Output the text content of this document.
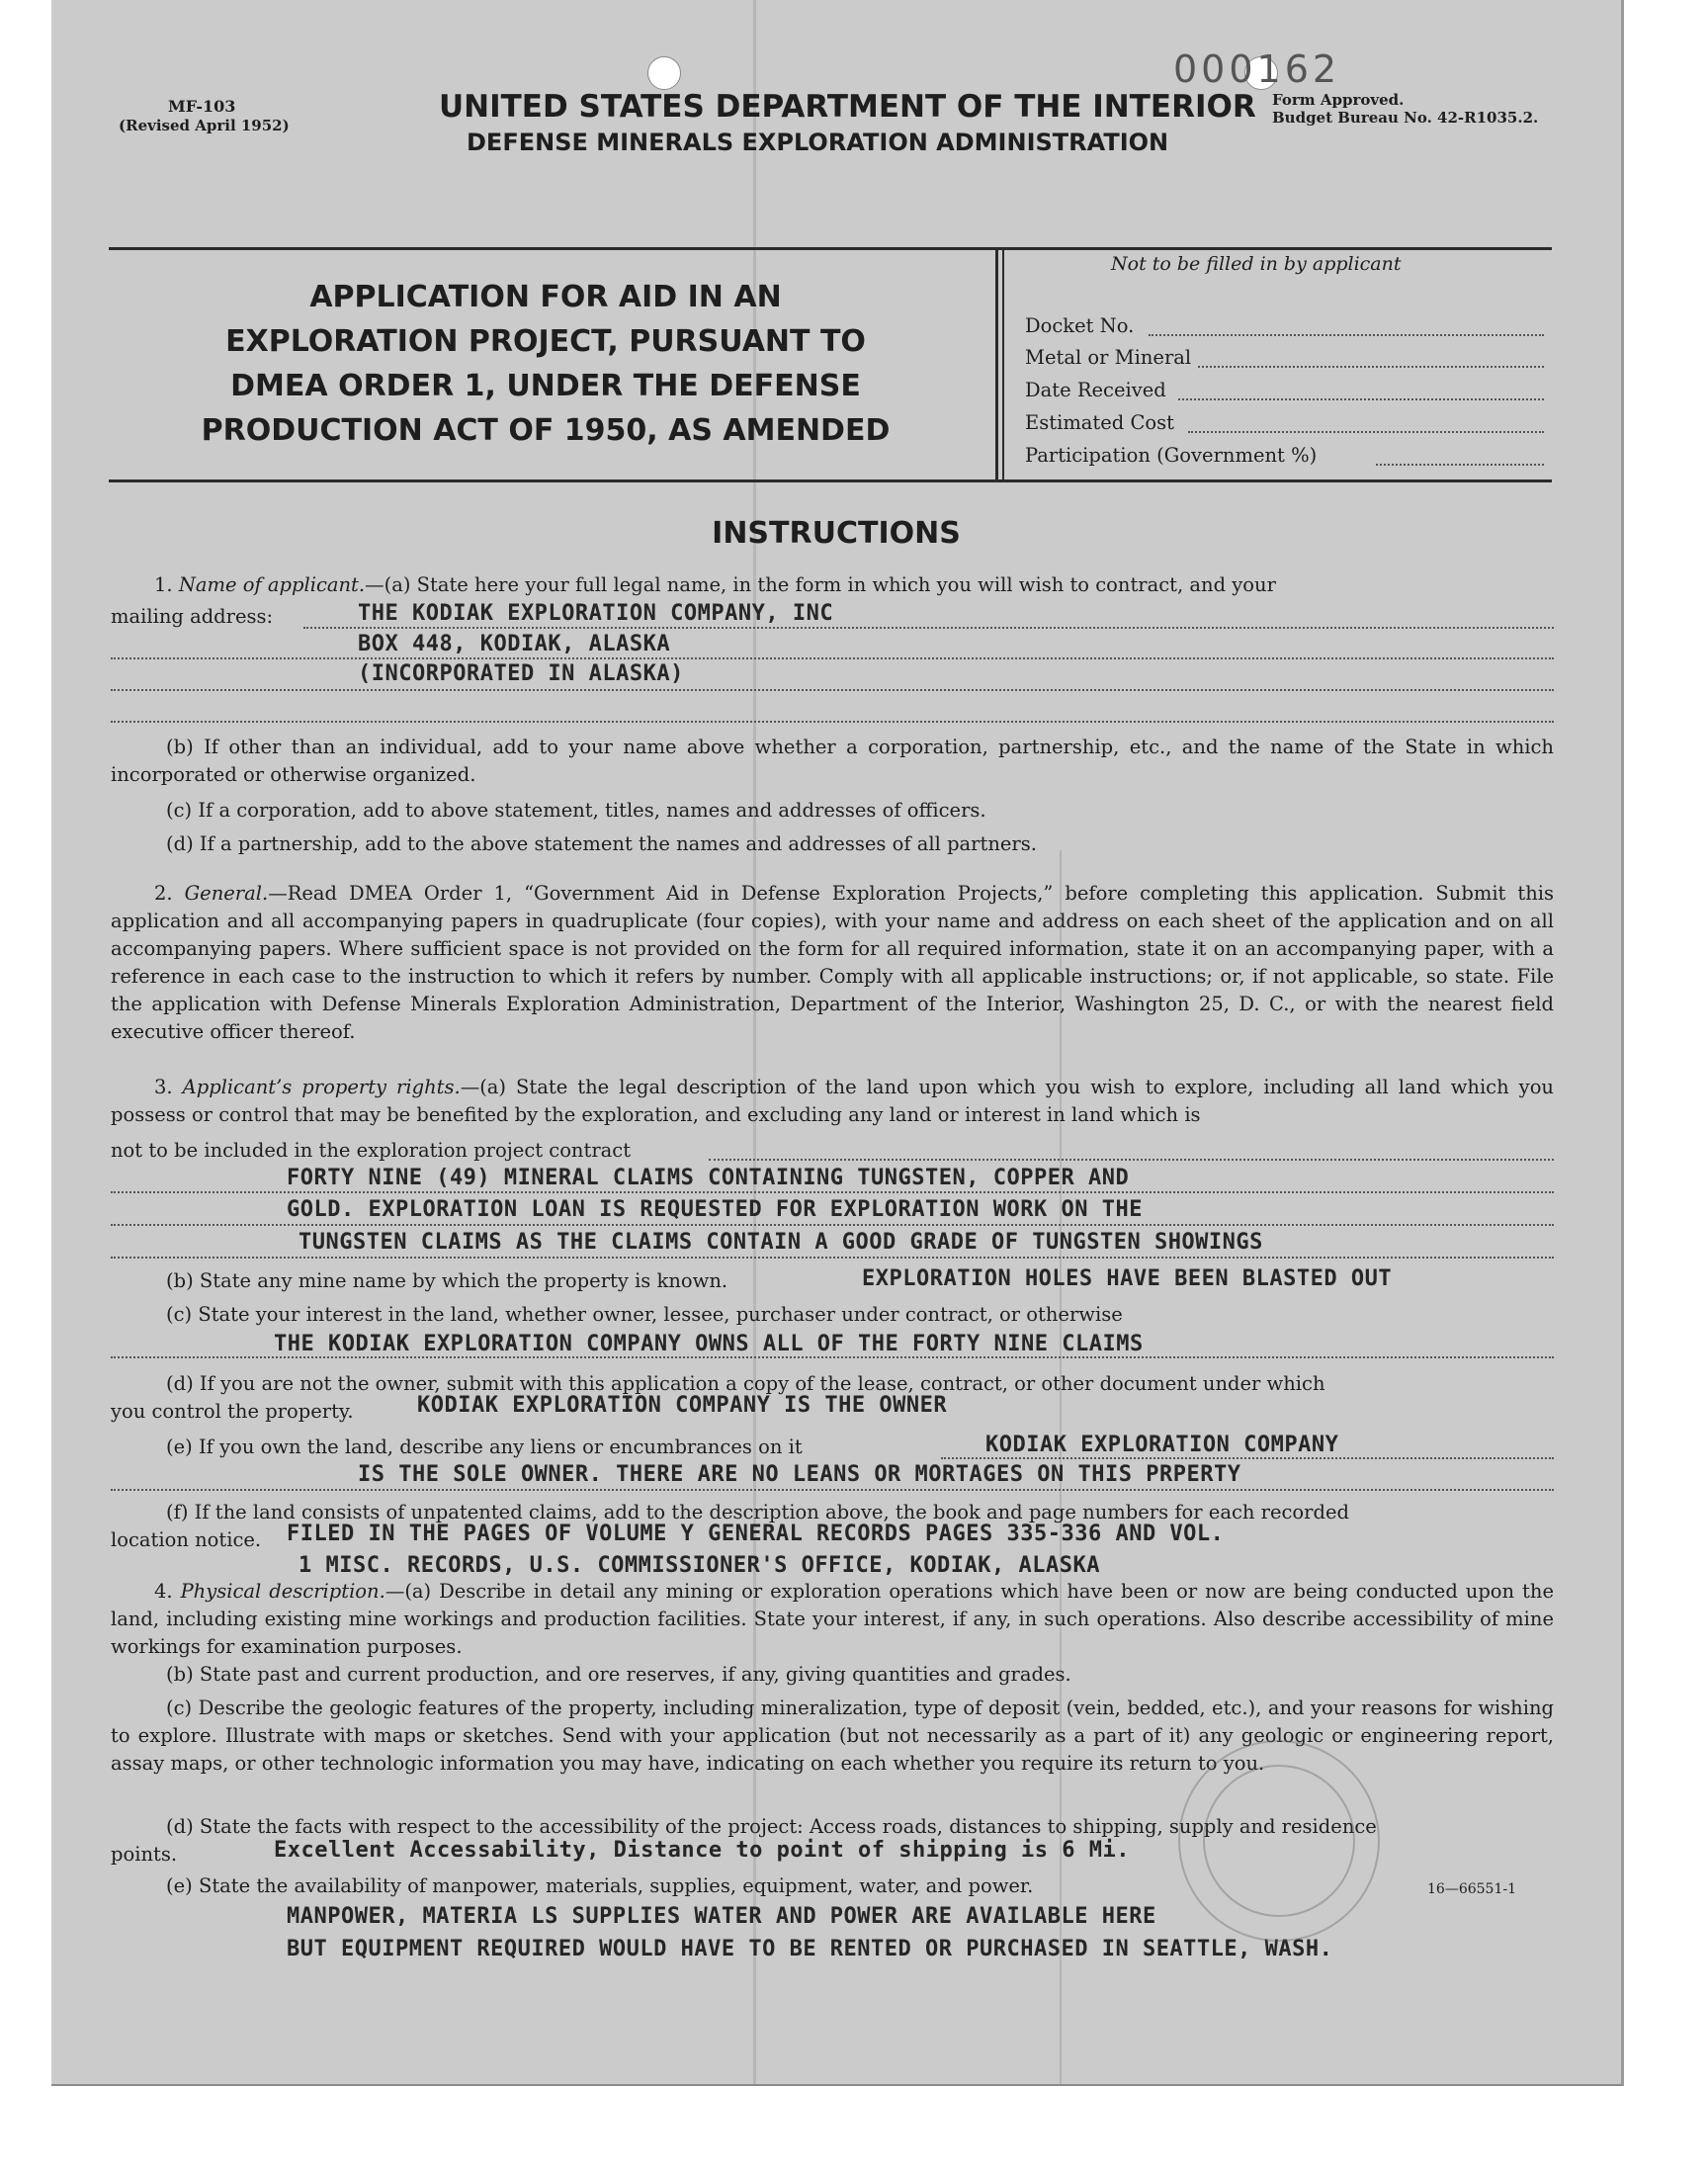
000162
MF-103
(Revised April 1952)
UNITED STATES DEPARTMENT OF THE INTERIOR
DEFENSE MINERALS EXPLORATION ADMINISTRATION
Form Approved.
Budget Bureau No. 42-R1035.2.
APPLICATION FOR AID IN AN
EXPLORATION PROJECT, PURSUANT TO
DMEA ORDER 1, UNDER THE DEFENSE
PRODUCTION ACT OF 1950, AS AMENDED
Not to be filled in by applicant
Docket No.
Metal or Mineral
Date Received
Estimated Cost
Participation (Government %)
INSTRUCTIONS
1. Name of applicant.—(a) State here your full legal name, in the form in which you will wish to contract, and your
mailing address:	THE KODIAK EXPLORATION COMPANY, INC
BOX 448, KODIAK, ALASKA
(INCORPORATED IN ALASKA)
(b) If other than an individual, add to your name above whether a corporation, partnership, etc., and the name of the State in which incorporated or otherwise organized.
(c) If a corporation, add to above statement, titles, names and addresses of officers.
(d) If a partnership, add to the above statement the names and addresses of all partners.
2. General.—Read DMEA Order 1, “Government Aid in Defense Exploration Projects,” before completing this application. Submit this application and all accompanying papers in quadruplicate (four copies), with your name and address on each sheet of the application and on all accompanying papers. Where sufficient space is not provided on the form for all required information, state it on an accompanying paper, with a reference in each case to the instruction to which it refers by number. Comply with all applicable instructions; or, if not applicable, so state. File the application with Defense Minerals Exploration Administration, Department of the Interior, Washington 25, D. C., or with the nearest field executive officer thereof.
3. Applicant’s property rights.—(a) State the legal description of the land upon which you wish to explore, including all land which you possess or control that may be benefited by the exploration, and excluding any land or interest in land which is
not to be included in the exploration project contract
FORTY NINE (49) MINERAL CLAIMS CONTAINING TUNGSTEN, COPPER AND
GOLD. EXPLORATION LOAN IS REQUESTED FOR EXPLORATION WORK ON THE
TUNGSTEN CLAIMS AS THE CLAIMS CONTAIN A GOOD GRADE OF TUNGSTEN SHOWINGS
(b) State any mine name by which the property is known.	EXPLORATION HOLES HAVE BEEN BLASTED OUT
(c) State your interest in the land, whether owner, lessee, purchaser under contract, or otherwise
THE KODIAK EXPLORATION COMPANY OWNS ALL OF THE FORTY NINE CLAIMS
(d) If you are not the owner, submit with this application a copy of the lease, contract, or other document under which
you control the property.	KODIAK EXPLORATION COMPANY IS THE OWNER
(e) If you own the land, describe any liens or encumbrances on it	KODIAK EXPLORATION COMPANY
IS THE SOLE OWNER. THERE ARE NO LEANS OR MORTAGES ON THIS PRPERTY
(f) If the land consists of unpatented claims, add to the description above, the book and page numbers for each recorded
location notice. FILED IN THE PAGES OF VOLUME Y GENERAL RECORDS PAGES 335-336 AND VOL.
1 MISC. RECORDS, U.S. COMMISSIONER'S OFFICE, KODIAK, ALASKA
4. Physical description.—(a) Describe in detail any mining or exploration operations which have been or now are being conducted upon the land, including existing mine workings and production facilities. State your interest, if any, in such operations. Also describe accessibility of mine workings for examination purposes.
(b) State past and current production, and ore reserves, if any, giving quantities and grades.
(c) Describe the geologic features of the property, including mineralization, type of deposit (vein, bedded, etc.), and your reasons for wishing to explore. Illustrate with maps or sketches. Send with your application (but not necessarily as a part of it) any geologic or engineering report, assay maps, or other technologic information you may have, indicating on each whether you require its return to you.
(d) State the facts with respect to the accessibility of the project: Access roads, distances to shipping, supply and residence
points.	Excellent Accessability, Distance to point of shipping is 6 Mi.
(e) State the availability of manpower, materials, supplies, equipment, water, and power.	16—66551-1
MANPOWER, MATERIA LS SUPPLIES WATER AND POWER ARE AVAILABLE HERE
BUT EQUIPMENT REQUIRED WOULD HAVE TO BE RENTED OR PURCHASED IN SEATTLE, WASH.
